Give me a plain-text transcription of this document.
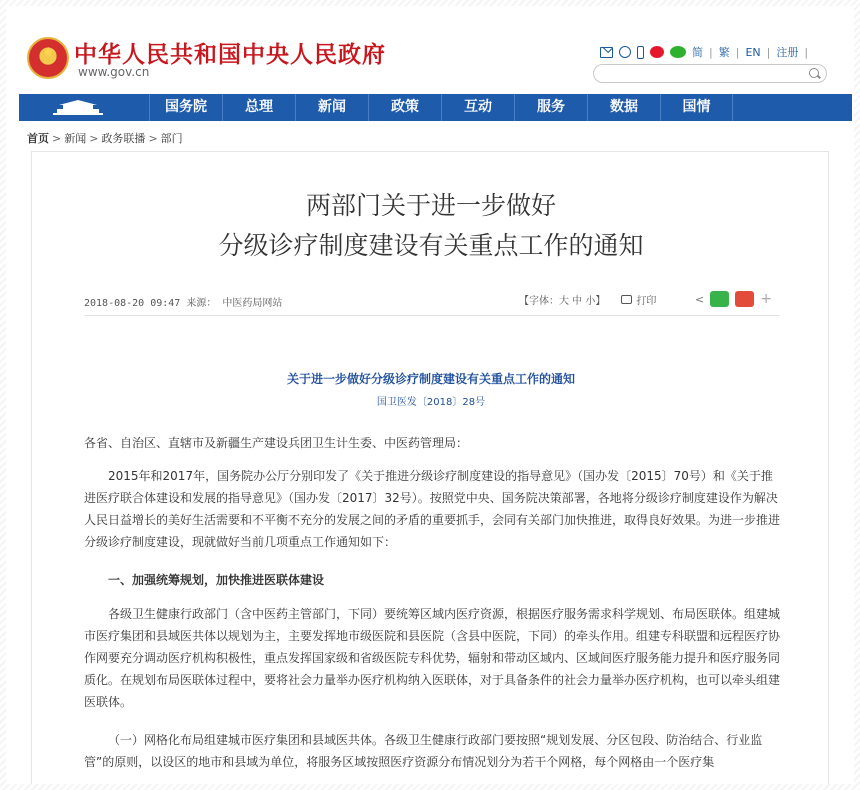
★ 中华人民共和国中央人民政府
www.gov.cn
简 | 繁 | EN | 注册 |
国务院	总理	新闻	政策	互动	服务	数据	国情
首页 > 新闻 > 政务联播 > 部门
两部门关于进一步做好
分级诊疗制度建设有关重点工作的通知
2018-08-20 09:47 来源： 中医药局网站	【字体：大 中 小】	打印	<	+
关于进一步做好分级诊疗制度建设有关重点工作的通知
国卫医发〔2018〕28号

各省、自治区、直辖市及新疆生产建设兵团卫生计生委、中医药管理局：

2015年和2017年，国务院办公厅分别印发了《关于推进分级诊疗制度建设的指导意见》（国办发〔2015〕70号）和《关于推进医疗联合体建设和发展的指导意见》（国办发〔2017〕32号）。按照党中央、国务院决策部署，各地将分级诊疗制度建设作为解决人民日益增长的美好生活需要和不平衡不充分的发展之间的矛盾的重要抓手，会同有关部门加快推进，取得良好效果。为进一步推进分级诊疗制度建设，现就做好当前几项重点工作通知如下：

一、加强统筹规划，加快推进医联体建设

各级卫生健康行政部门（含中医药主管部门，下同）要统筹区域内医疗资源，根据医疗服务需求科学规划、布局医联体。组建城市医疗集团和县域医共体以规划为主，主要发挥地市级医院和县医院（含县中医院，下同）的牵头作用。组建专科联盟和远程医疗协作网要充分调动医疗机构积极性，重点发挥国家级和省级医院专科优势，辐射和带动区域内、区域间医疗服务能力提升和医疗服务同质化。在规划布局医联体过程中，要将社会力量举办医疗机构纳入医联体，对于具备条件的社会力量举办医疗机构，也可以牵头组建医联体。

（一）网格化布局组建城市医疗集团和县域医共体。各级卫生健康行政部门要按照“规划发展、分区包段、防治结合、行业监管”的原则，以设区的地市和县域为单位，将服务区域按照医疗资源分布情况划分为若干个网格，每个网格由一个医疗集
